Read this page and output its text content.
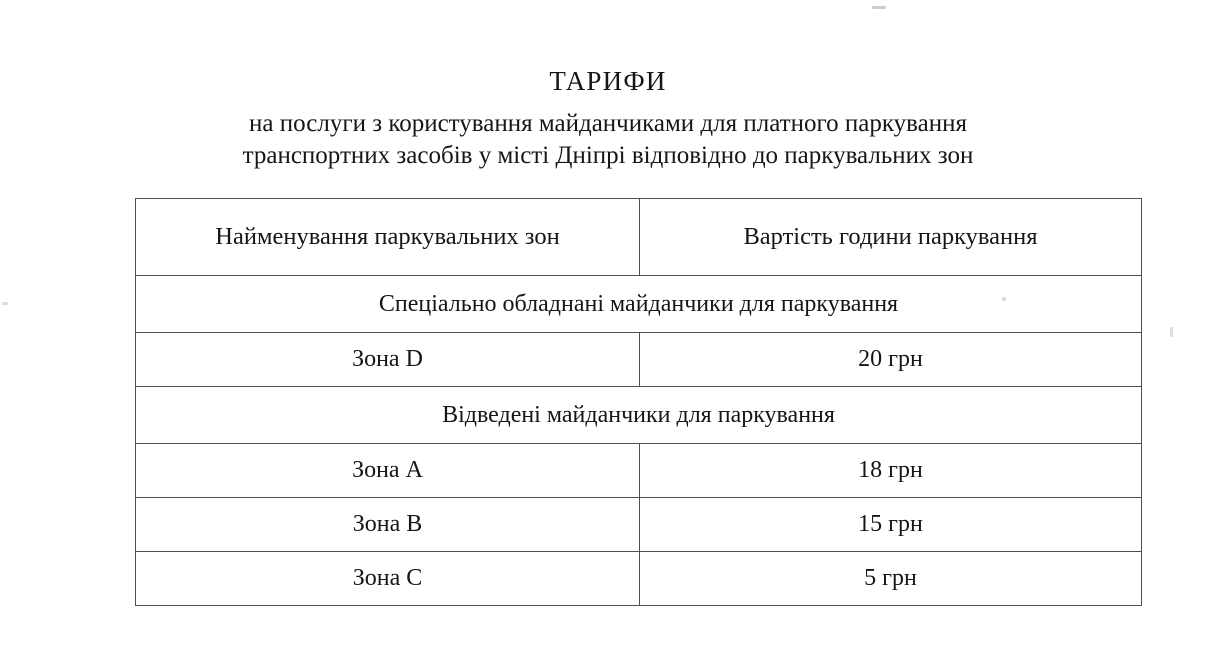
ТАРИФИ
на послуги з користування майданчиками для платного паркування
транспортних засобів у місті Дніпрі відповідно до паркувальних зон
Найменування паркувальних зон	Вартість години паркування
Спеціально обладнані майданчики для паркування	
Зона D	20 грн
Відведені майданчики для паркування	
Зона A	18 грн
Зона B	15 грн
Зона C	5 грн
